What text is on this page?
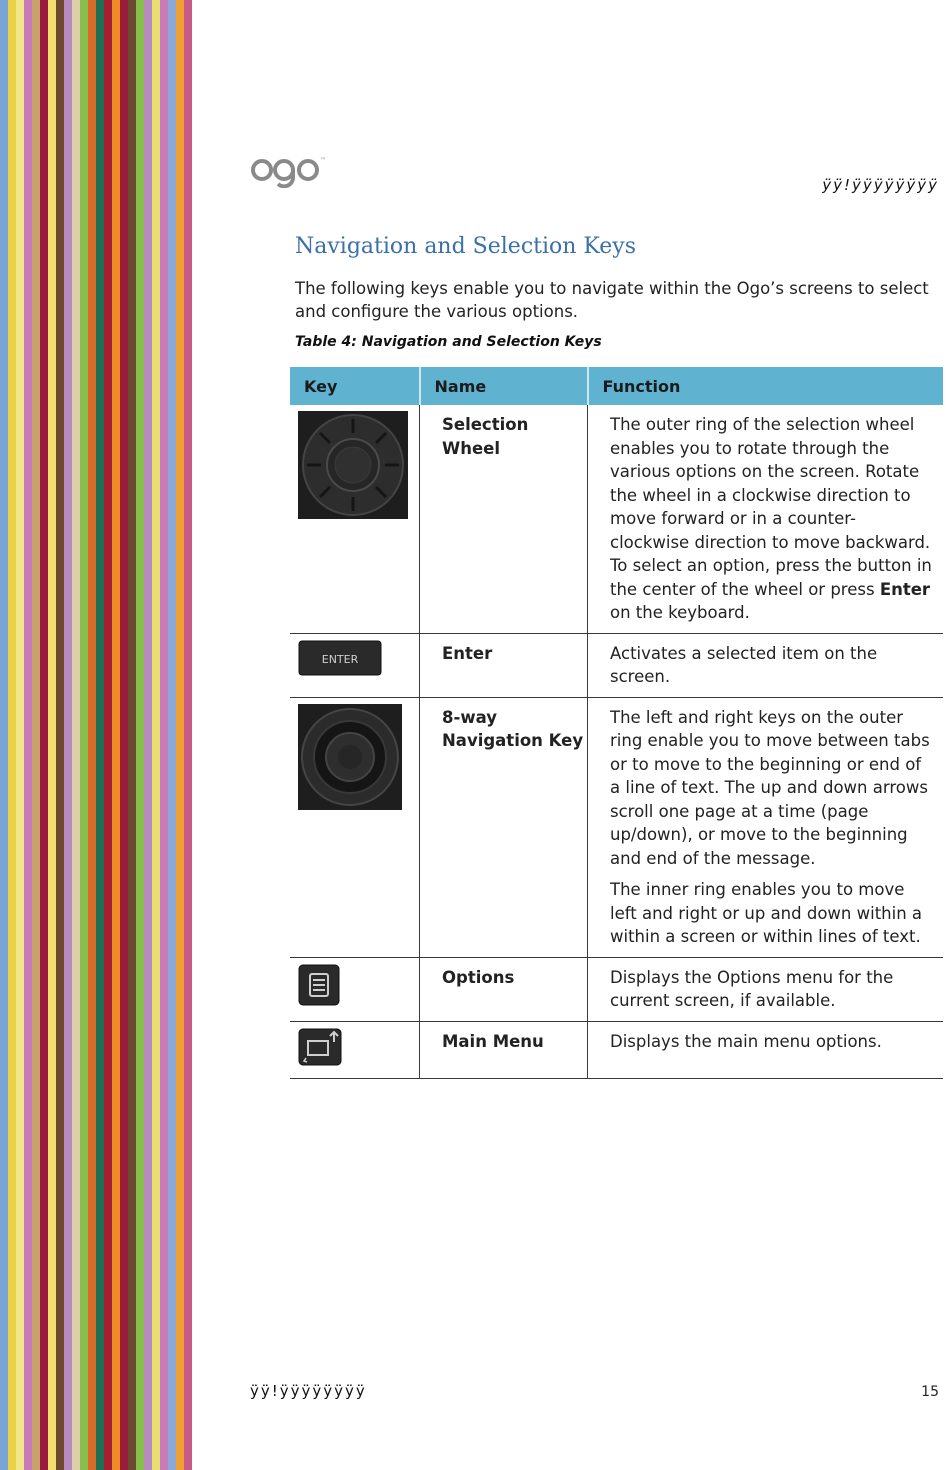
™
ÿÿ!ÿÿÿÿÿÿÿÿ
Navigation and Selection Keys
The following keys enable you to navigate within the Ogo’s screens to select and configure the various options.
Table 4: Navigation and Selection Keys
Key	Name	Function
	Selection Wheel	The outer ring of the selection wheel enables you to rotate through the various options on the screen. Rotate the wheel in a clockwise direction to move forward or in a counter-clockwise direction to move backward. To select an option, press the button in the center of the wheel or press Enter on the keyboard.

ENTER	Enter	Activates a selected item on the screen.
	8-way Navigation Key	The left and right keys on the outer ring enable you to move between tabs or to move to the beginning or end of a line of text. The up and down arrows scroll one page at a time (page up/down), or move to the beginning and end of the message.
The inner ring enables you to move left and right or up and down within a within a screen or within lines of text.

	Options	Displays the Options menu for the current screen, if available.
	Main Menu	Displays the main menu options.
ÿÿ!ÿÿÿÿÿÿÿÿ	15
